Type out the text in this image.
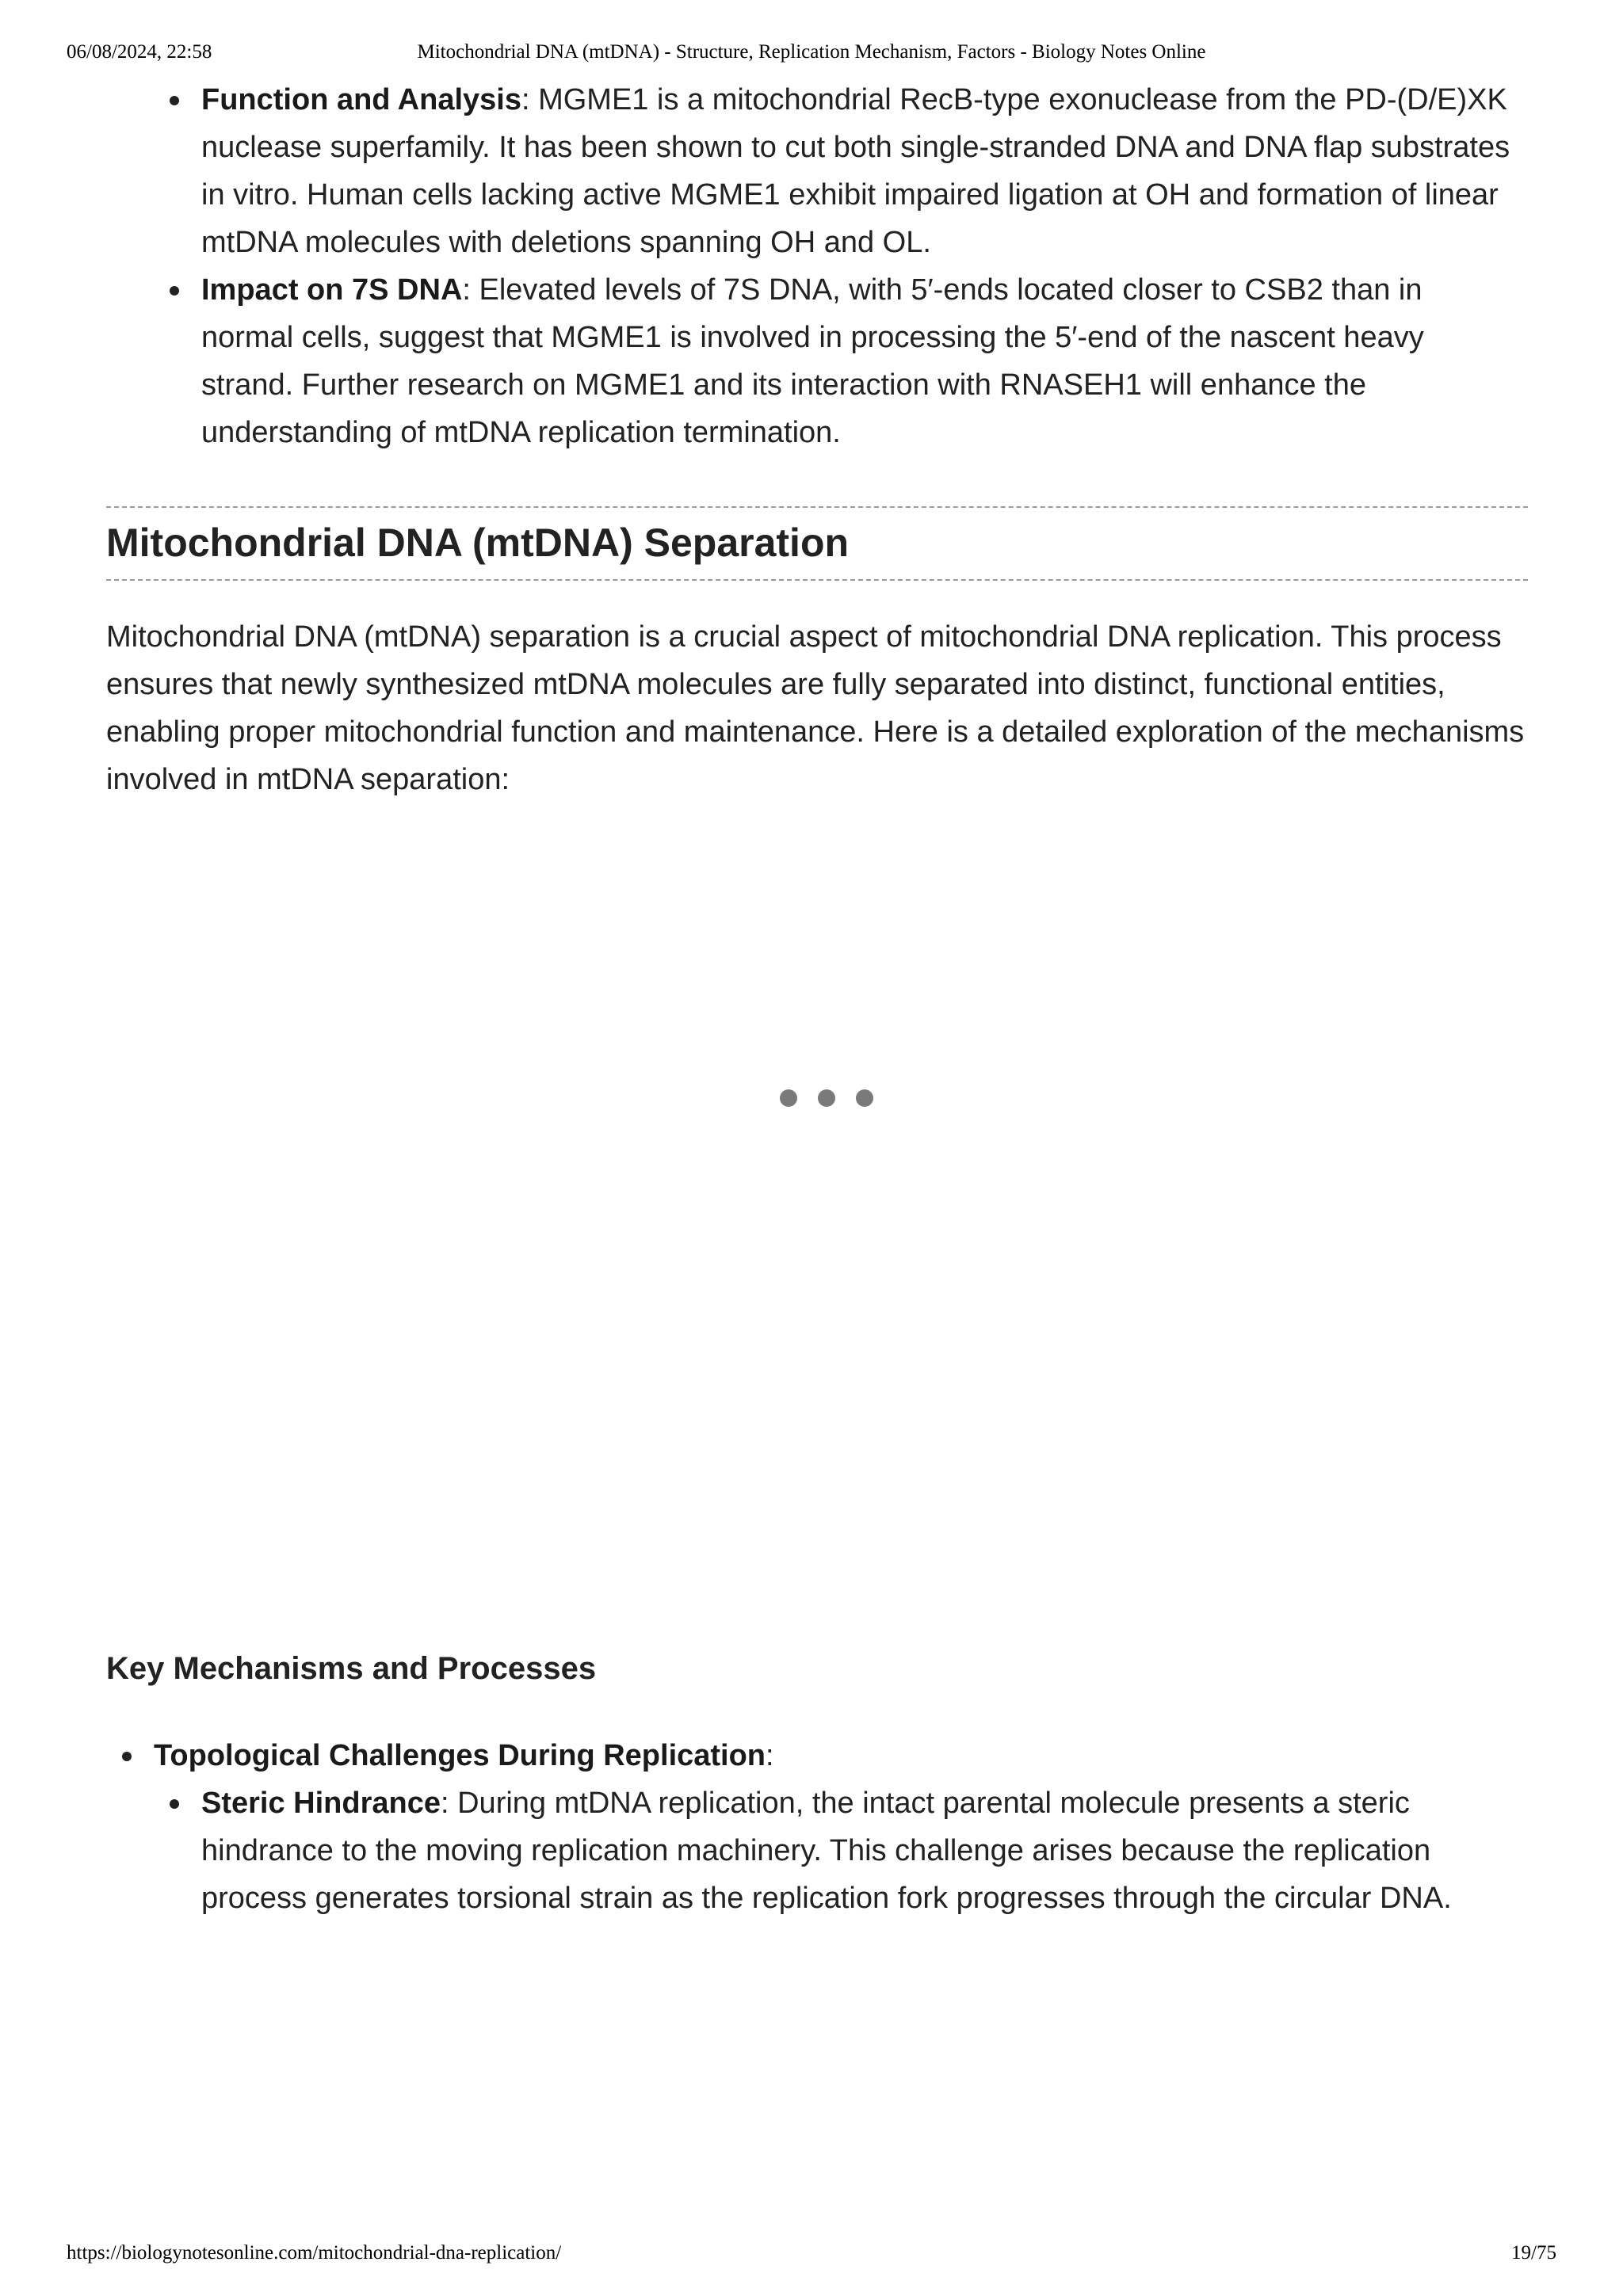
06/08/2024, 22:58	Mitochondrial DNA (mtDNA) - Structure, Replication Mechanism, Factors - Biology Notes Online
Function and Analysis: MGME1 is a mitochondrial RecB-type exonuclease from the PD-(D/E)XK nuclease superfamily. It has been shown to cut both single-stranded DNA and DNA flap substrates in vitro. Human cells lacking active MGME1 exhibit impaired ligation at OH and formation of linear mtDNA molecules with deletions spanning OH and OL.
Impact on 7S DNA: Elevated levels of 7S DNA, with 5′-ends located closer to CSB2 than in normal cells, suggest that MGME1 is involved in processing the 5′-end of the nascent heavy strand. Further research on MGME1 and its interaction with RNASEH1 will enhance the understanding of mtDNA replication termination.
Mitochondrial DNA (mtDNA) Separation

Mitochondrial DNA (mtDNA) separation is a crucial aspect of mitochondrial DNA replication. This process ensures that newly synthesized mtDNA molecules are fully separated into distinct, functional entities, enabling proper mitochondrial function and maintenance. Here is a detailed exploration of the mechanisms involved in mtDNA separation:

Key Mechanisms and Processes
Topological Challenges During Replication:
Steric Hindrance: During mtDNA replication, the intact parental molecule presents a steric hindrance to the moving replication machinery. This challenge arises because the replication process generates torsional strain as the replication fork progresses through the circular DNA.
https://biologynotesonline.com/mitochondrial-dna-replication/	19/75
